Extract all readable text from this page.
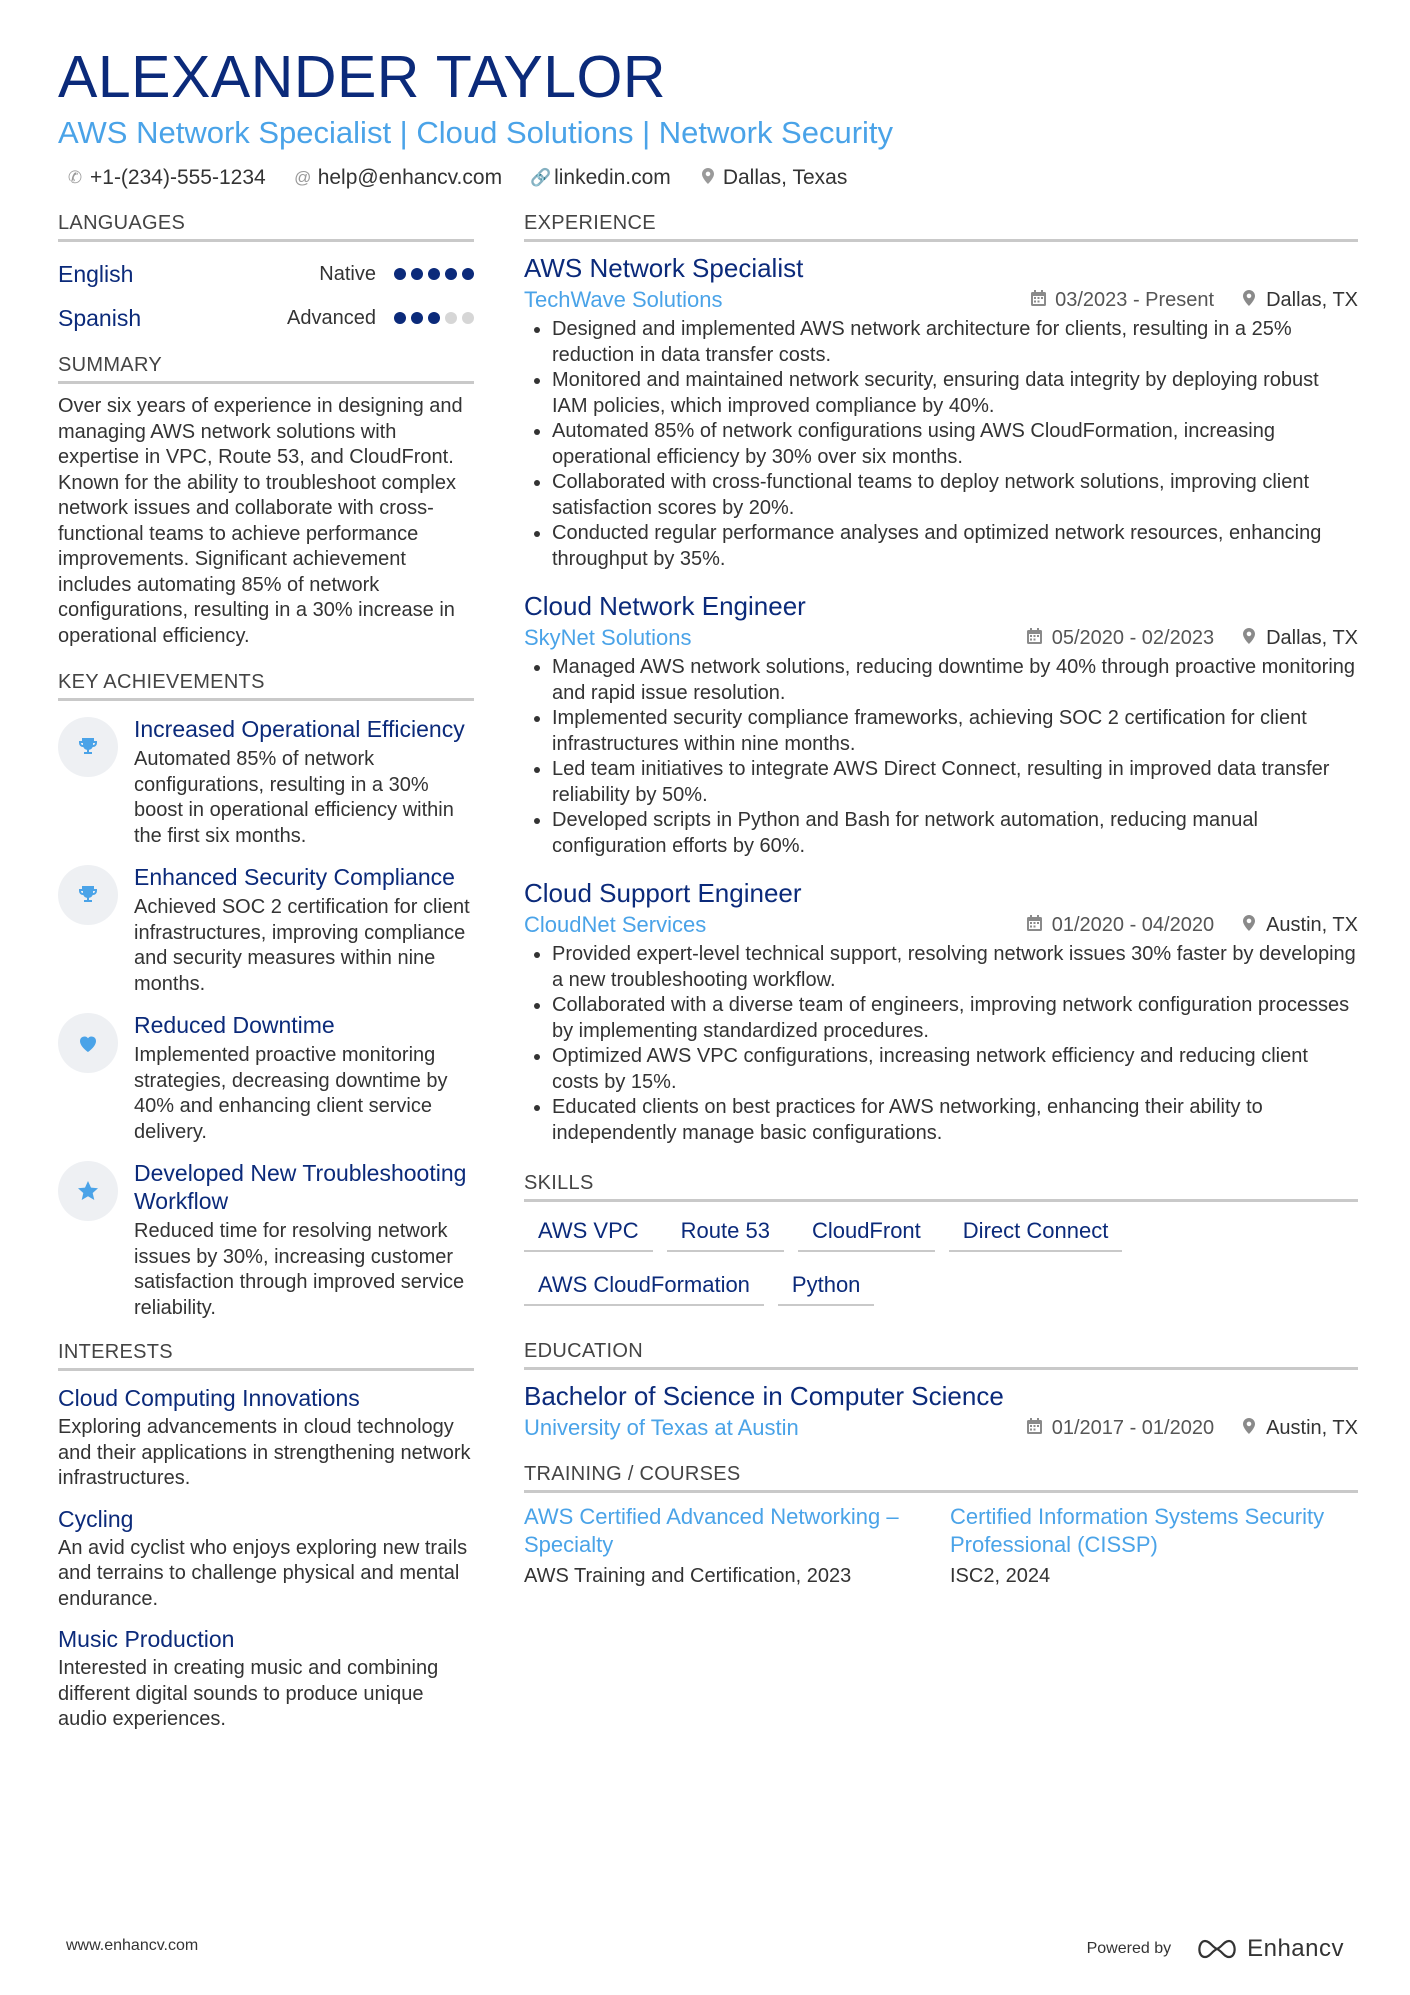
ALEXANDER TAYLOR
AWS Network Specialist | Cloud Solutions | Network Security
✆ +1-(234)-555-1234 @ help@enhancv.com 🔗 linkedin.com Dallas, Texas
LANGUAGES
English	Native
Spanish	Advanced
SUMMARY
Over six years of experience in designing and managing AWS network solutions with expertise in VPC, Route 53, and CloudFront. Known for the ability to troubleshoot complex network issues and collaborate with cross-functional teams to achieve performance improvements. Significant achievement includes automating 85% of network configurations, resulting in a 30% increase in operational efficiency.
KEY ACHIEVEMENTS
Increased Operational Efficiency
Automated 85% of network configurations, resulting in a 30% boost in operational efficiency within the first six months.
Enhanced Security Compliance
Achieved SOC 2 certification for client infrastructures, improving compliance and security measures within nine months.
Reduced Downtime
Implemented proactive monitoring strategies, decreasing downtime by 40% and enhancing client service delivery.
Developed New Troubleshooting Workflow
Reduced time for resolving network issues by 30%, increasing customer satisfaction through improved service reliability.
INTERESTS
Cloud Computing Innovations
Exploring advancements in cloud technology and their applications in strengthening network infrastructures.
Cycling
An avid cyclist who enjoys exploring new trails and terrains to challenge physical and mental endurance.
Music Production
Interested in creating music and combining different digital sounds to produce unique audio experiences.
EXPERIENCE
AWS Network Specialist
TechWave Solutions	03/2023 - Present	Dallas, TX
• Designed and implemented AWS network architecture for clients, resulting in a 25% reduction in data transfer costs.
• Monitored and maintained network security, ensuring data integrity by deploying robust IAM policies, which improved compliance by 40%.
• Automated 85% of network configurations using AWS CloudFormation, increasing operational efficiency by 30% over six months.
• Collaborated with cross-functional teams to deploy network solutions, improving client satisfaction scores by 20%.
• Conducted regular performance analyses and optimized network resources, enhancing throughput by 35%.
Cloud Network Engineer
SkyNet Solutions	05/2020 - 02/2023	Dallas, TX
• Managed AWS network solutions, reducing downtime by 40% through proactive monitoring and rapid issue resolution.
• Implemented security compliance frameworks, achieving SOC 2 certification for client infrastructures within nine months.
• Led team initiatives to integrate AWS Direct Connect, resulting in improved data transfer reliability by 50%.
• Developed scripts in Python and Bash for network automation, reducing manual configuration efforts by 60%.
Cloud Support Engineer
CloudNet Services	01/2020 - 04/2020	Austin, TX
• Provided expert-level technical support, resolving network issues 30% faster by developing a new troubleshooting workflow.
• Collaborated with a diverse team of engineers, improving network configuration processes by implementing standardized procedures.
• Optimized AWS VPC configurations, increasing network efficiency and reducing client costs by 15%.
• Educated clients on best practices for AWS networking, enhancing their ability to independently manage basic configurations.
SKILLS
AWS VPC	Route 53	CloudFront	Direct Connect
AWS CloudFormation	Python
EDUCATION
Bachelor of Science in Computer Science
University of Texas at Austin	01/2017 - 01/2020	Austin, TX
TRAINING / COURSES
AWS Certified Advanced Networking – Specialty
AWS Training and Certification, 2023
Certified Information Systems Security Professional (CISSP)
ISC2, 2024
www.enhancv.com	Powered by	Enhancv
